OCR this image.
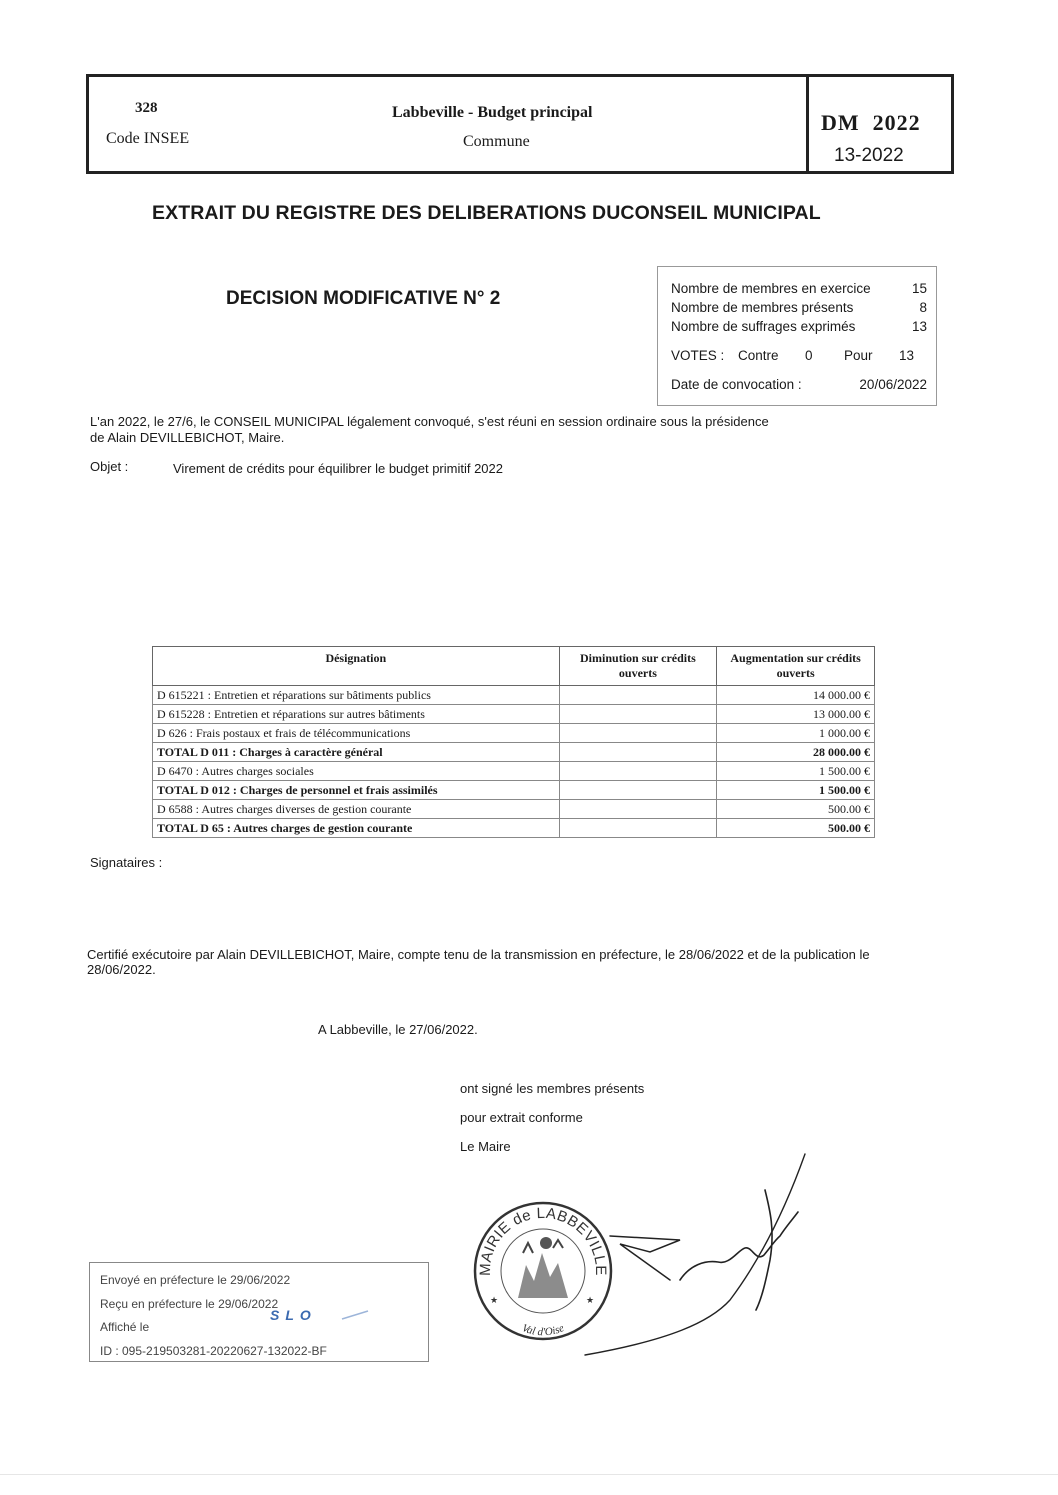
328
Code INSEE
Labbeville - Budget principal
Commune
DM  2022
13-2022
EXTRAIT DU REGISTRE DES DELIBERATIONS DUCONSEIL MUNICIPAL
DECISION MODIFICATIVE N° 2	Nombre de membres en exercice	15
Nombre de membres présents	8
Nombre de suffrages exprimés	13
VOTES : Contre 0 Pour 13
Date de convocation :	20/06/2022
L'an 2022, le 27/6, le CONSEIL MUNICIPAL légalement convoqué, s'est réuni en session ordinaire sous la présidence de Alain DEVILLEBICHOT, Maire.
Objet :	Virement de crédits pour équilibrer le budget primitif 2022
Désignation	Diminution sur crédits ouverts	Augmentation sur crédits ouverts
D 615221 : Entretien et réparations sur bâtiments publics		14 000.00 €
D 615228 : Entretien et réparations sur autres bâtiments		13 000.00 €
D 626 : Frais postaux et frais de télécommunications		1 000.00 €
TOTAL D 011 : Charges à caractère général		28 000.00 €
D 6470 : Autres charges sociales		1 500.00 €
TOTAL D 012 : Charges de personnel et frais assimilés		1 500.00 €
D 6588 : Autres charges diverses de gestion courante		500.00 €
TOTAL D 65 : Autres charges de gestion courante		500.00 €
Signataires :
Certifié exécutoire par Alain DEVILLEBICHOT, Maire, compte tenu de la transmission en préfecture, le 28/06/2022 et de la publication le 28/06/2022.
A Labbeville, le 27/06/2022.
ont signé les membres présents
pour extrait conforme
Le Maire
Envoyé en préfecture le 29/06/2022
Reçu en préfecture le 29/06/2022
Affiché le
ID : 095-219503281-20220627-132022-BF
SLO
MAIRIE de LABBEVILLE
Val d'Oise
★	★
